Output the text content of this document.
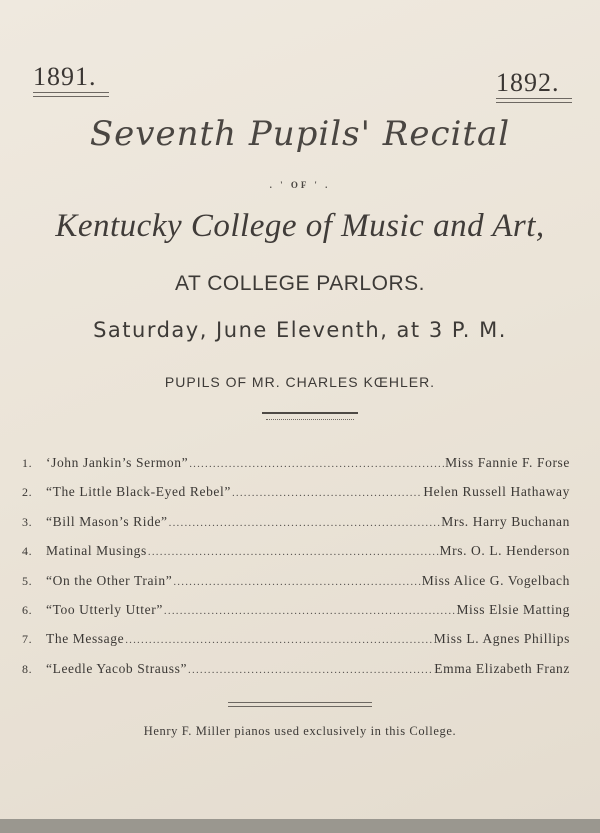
1891.	1892.
Seventh Pupils' Recital
. ' OF ' .
Kentucky College of Music and Art,
AT COLLEGE PARLORS.
Saturday, June Eleventh, at 3 P. M.
PUPILS OF MR. CHARLES KŒHLER.
1.	‘John Jankin’s Sermon” .....	Miss Fannie F. Forse
2.	“The Little Black-Eyed Rebel” .....	Helen Russell Hathaway
3.	“Bill Mason’s Ride” .....	Mrs. Harry Buchanan
4.	Matinal Musings .....	Mrs. O. L. Henderson
5.	“On the Other Train” .....	Miss Alice G. Vogelbach
6.	“Too Utterly Utter” .....	Miss Elsie Matting
7.	The Message .....	Miss L. Agnes Phillips
8.	“Leedle Yacob Strauss” .....	Emma Elizabeth Franz
Henry F. Miller pianos used exclusively in this College.
